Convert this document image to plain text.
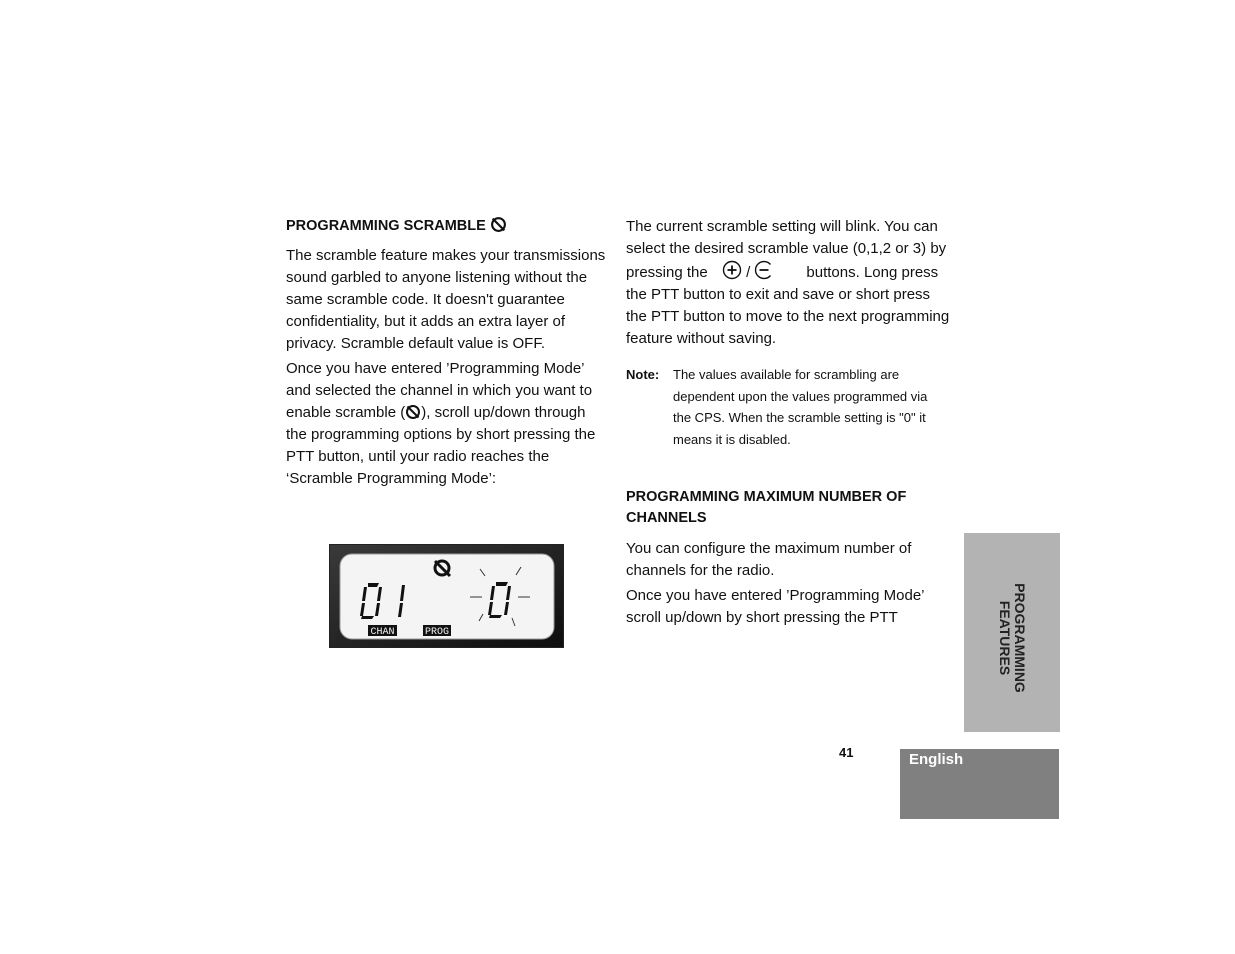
PROGRAMMING SCRAMBLE

The scramble feature makes your transmissions sound garbled to anyone listening without the same scramble code. It doesn't guarantee confidentiality, but it adds an extra layer of privacy. Scramble default value is OFF.

Once you have entered ’Programming Mode’ and selected the channel in which you want to enable scramble ( ), scroll up/down through the programming options by short pressing the PTT button, until your radio reaches the ‘Scramble Programming Mode’:

CHAN	PROG

The current scramble setting will blink. You can select the desired scramble value (0,1,2 or 3) by pressing the	/	buttons. Long press the PTT button to exit and save or short press the PTT button to move to the next programming feature without saving.

Note: The values available for scrambling are dependent upon the values programmed via the CPS. When the scramble setting is "0" it means it is disabled.

PROGRAMMING MAXIMUM NUMBER OF CHANNELS

You can configure the maximum number of channels for the radio.

Once you have entered ’Programming Mode’ scroll up/down by short pressing the PTT	PROGRAMMING
FEATURES
41	English
